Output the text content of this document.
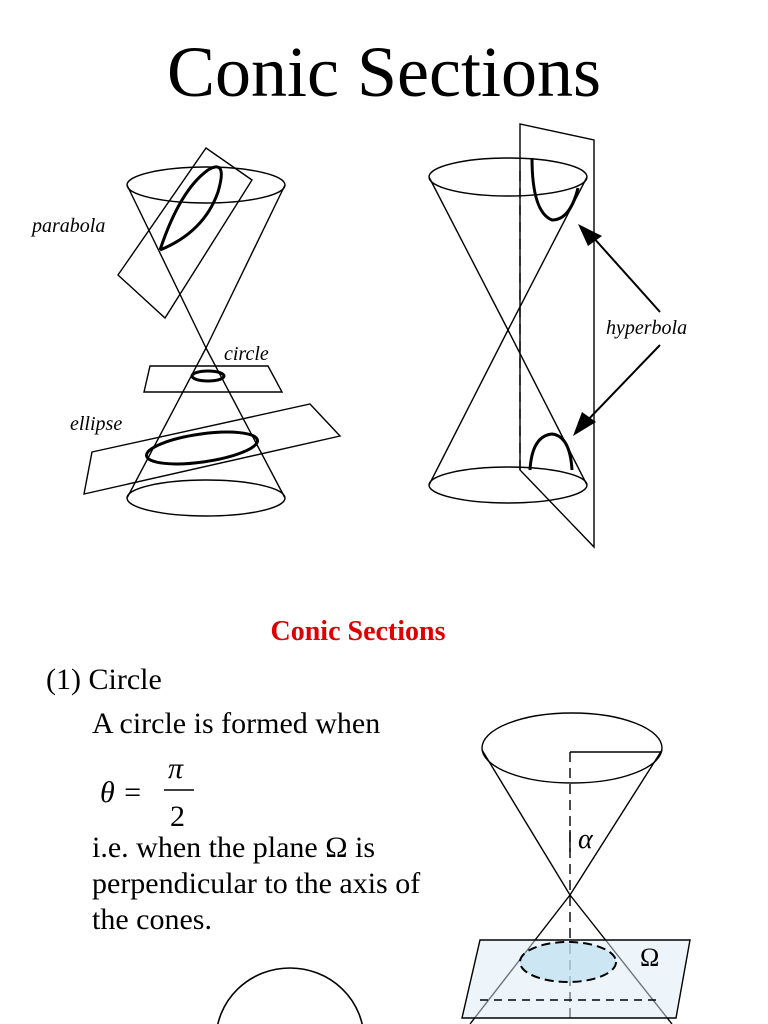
Conic Sections
parabola
circle
ellipse
hyperbola
Conic Sections
(1) Circle
A circle is formed when
θ =
π
2
i.e. when the plane Ω is perpendicular to the axis of the cones.
α
Ω
